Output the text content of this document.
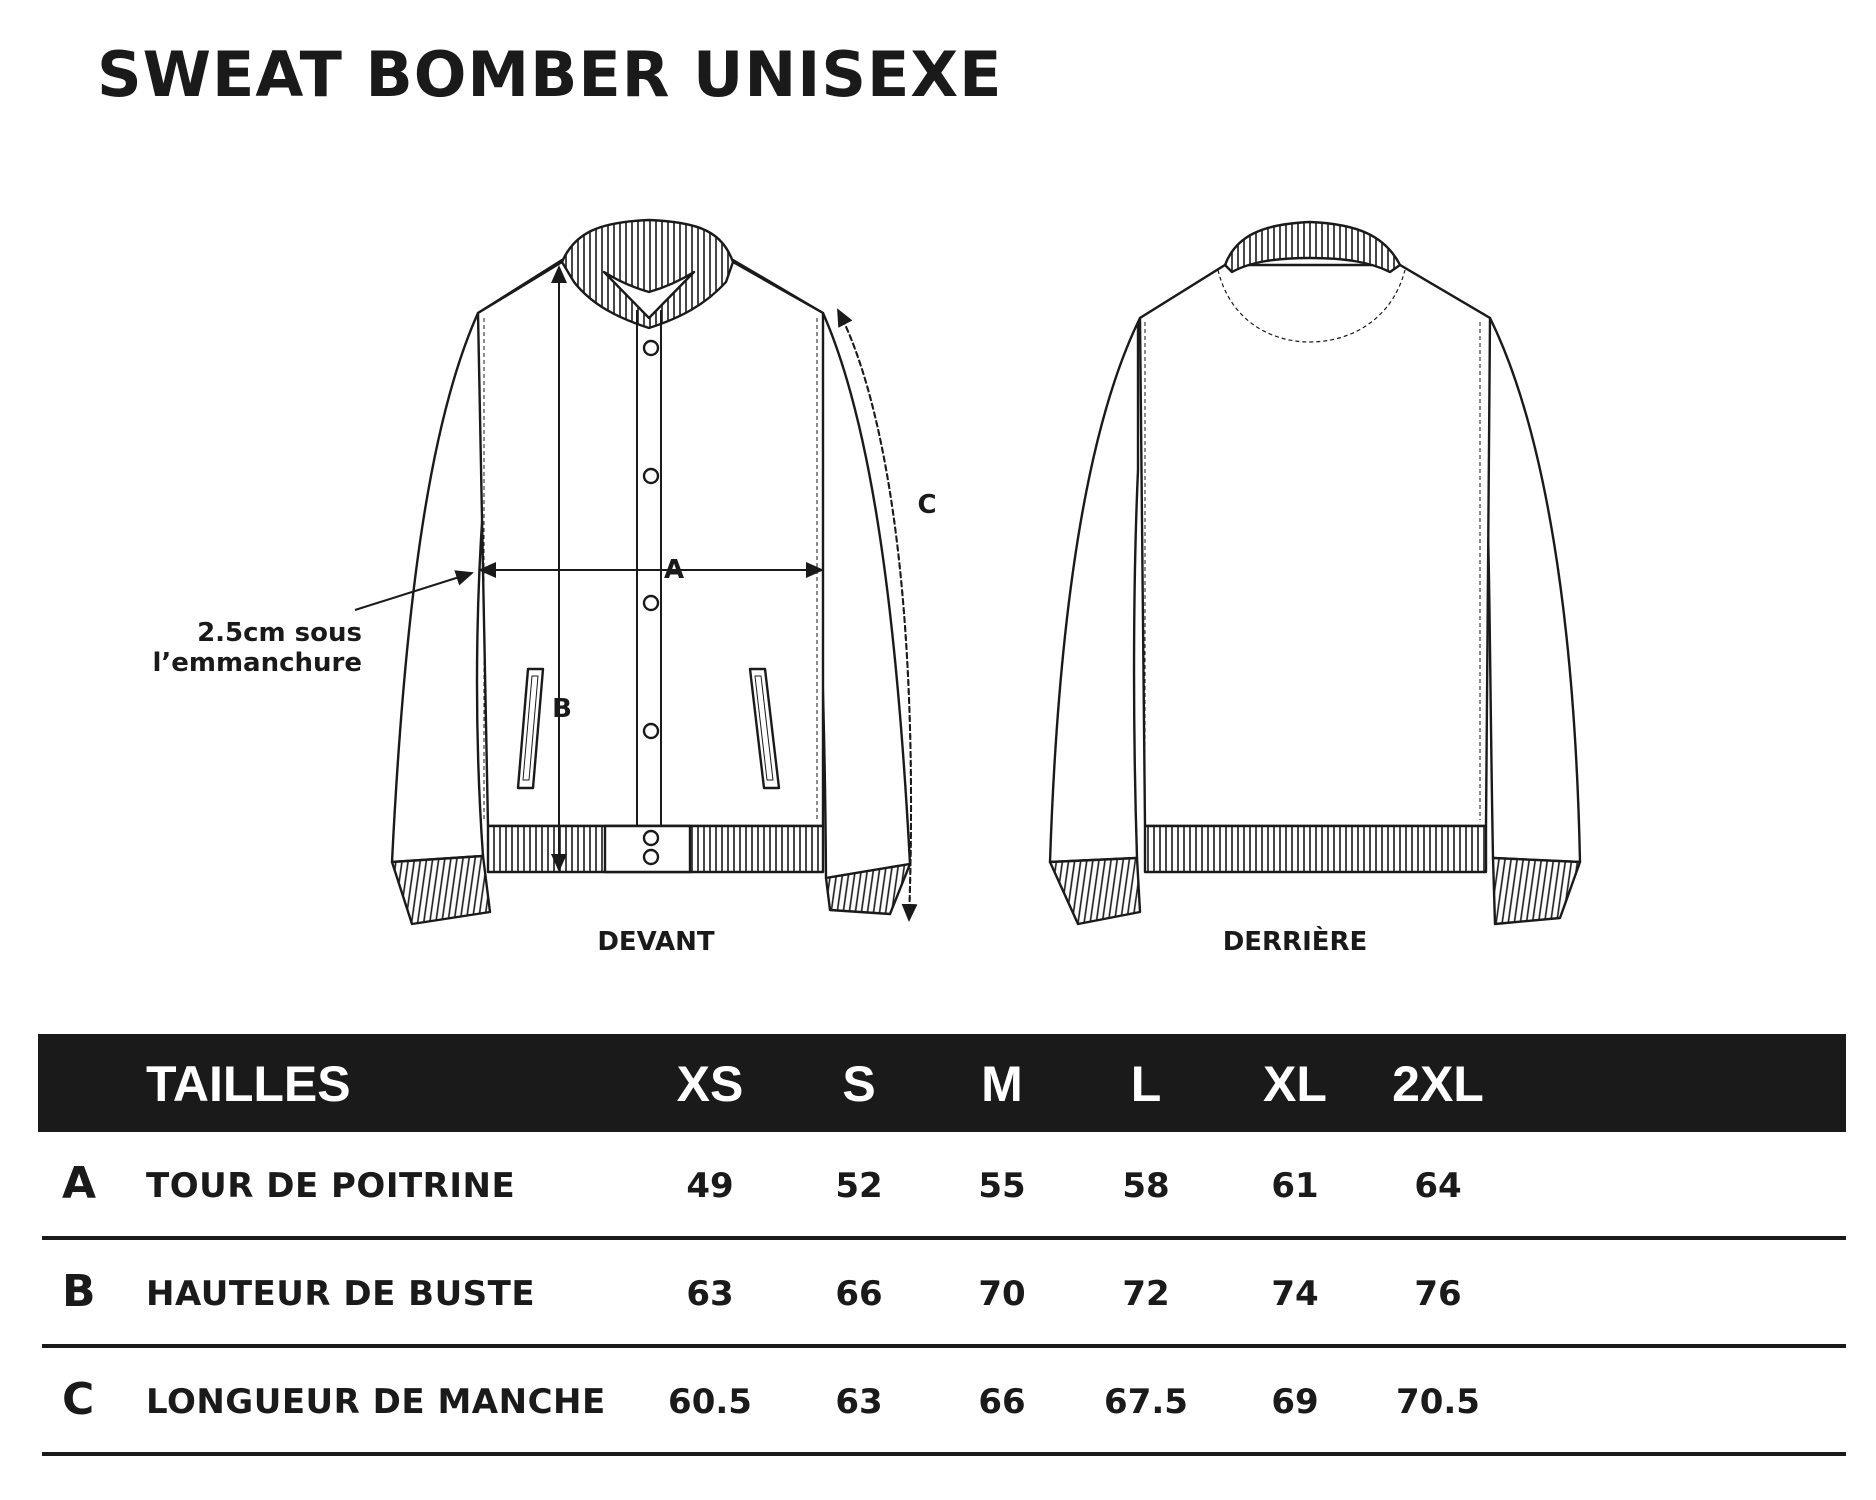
SWEAT BOMBER UNISEXE
A
B
C
2.5cm sous
l’emmanchure
DEVANT	DERRIÈRE
TAILLES	XS	S	M	L	XL	2XL
A TOUR DE POITRINE	49	52	55	58	61	64
B HAUTEUR DE BUSTE	63	66	70	72	74	76
C LONGUEUR DE MANCHE	60.5	63	66	67.5	69	70.5
